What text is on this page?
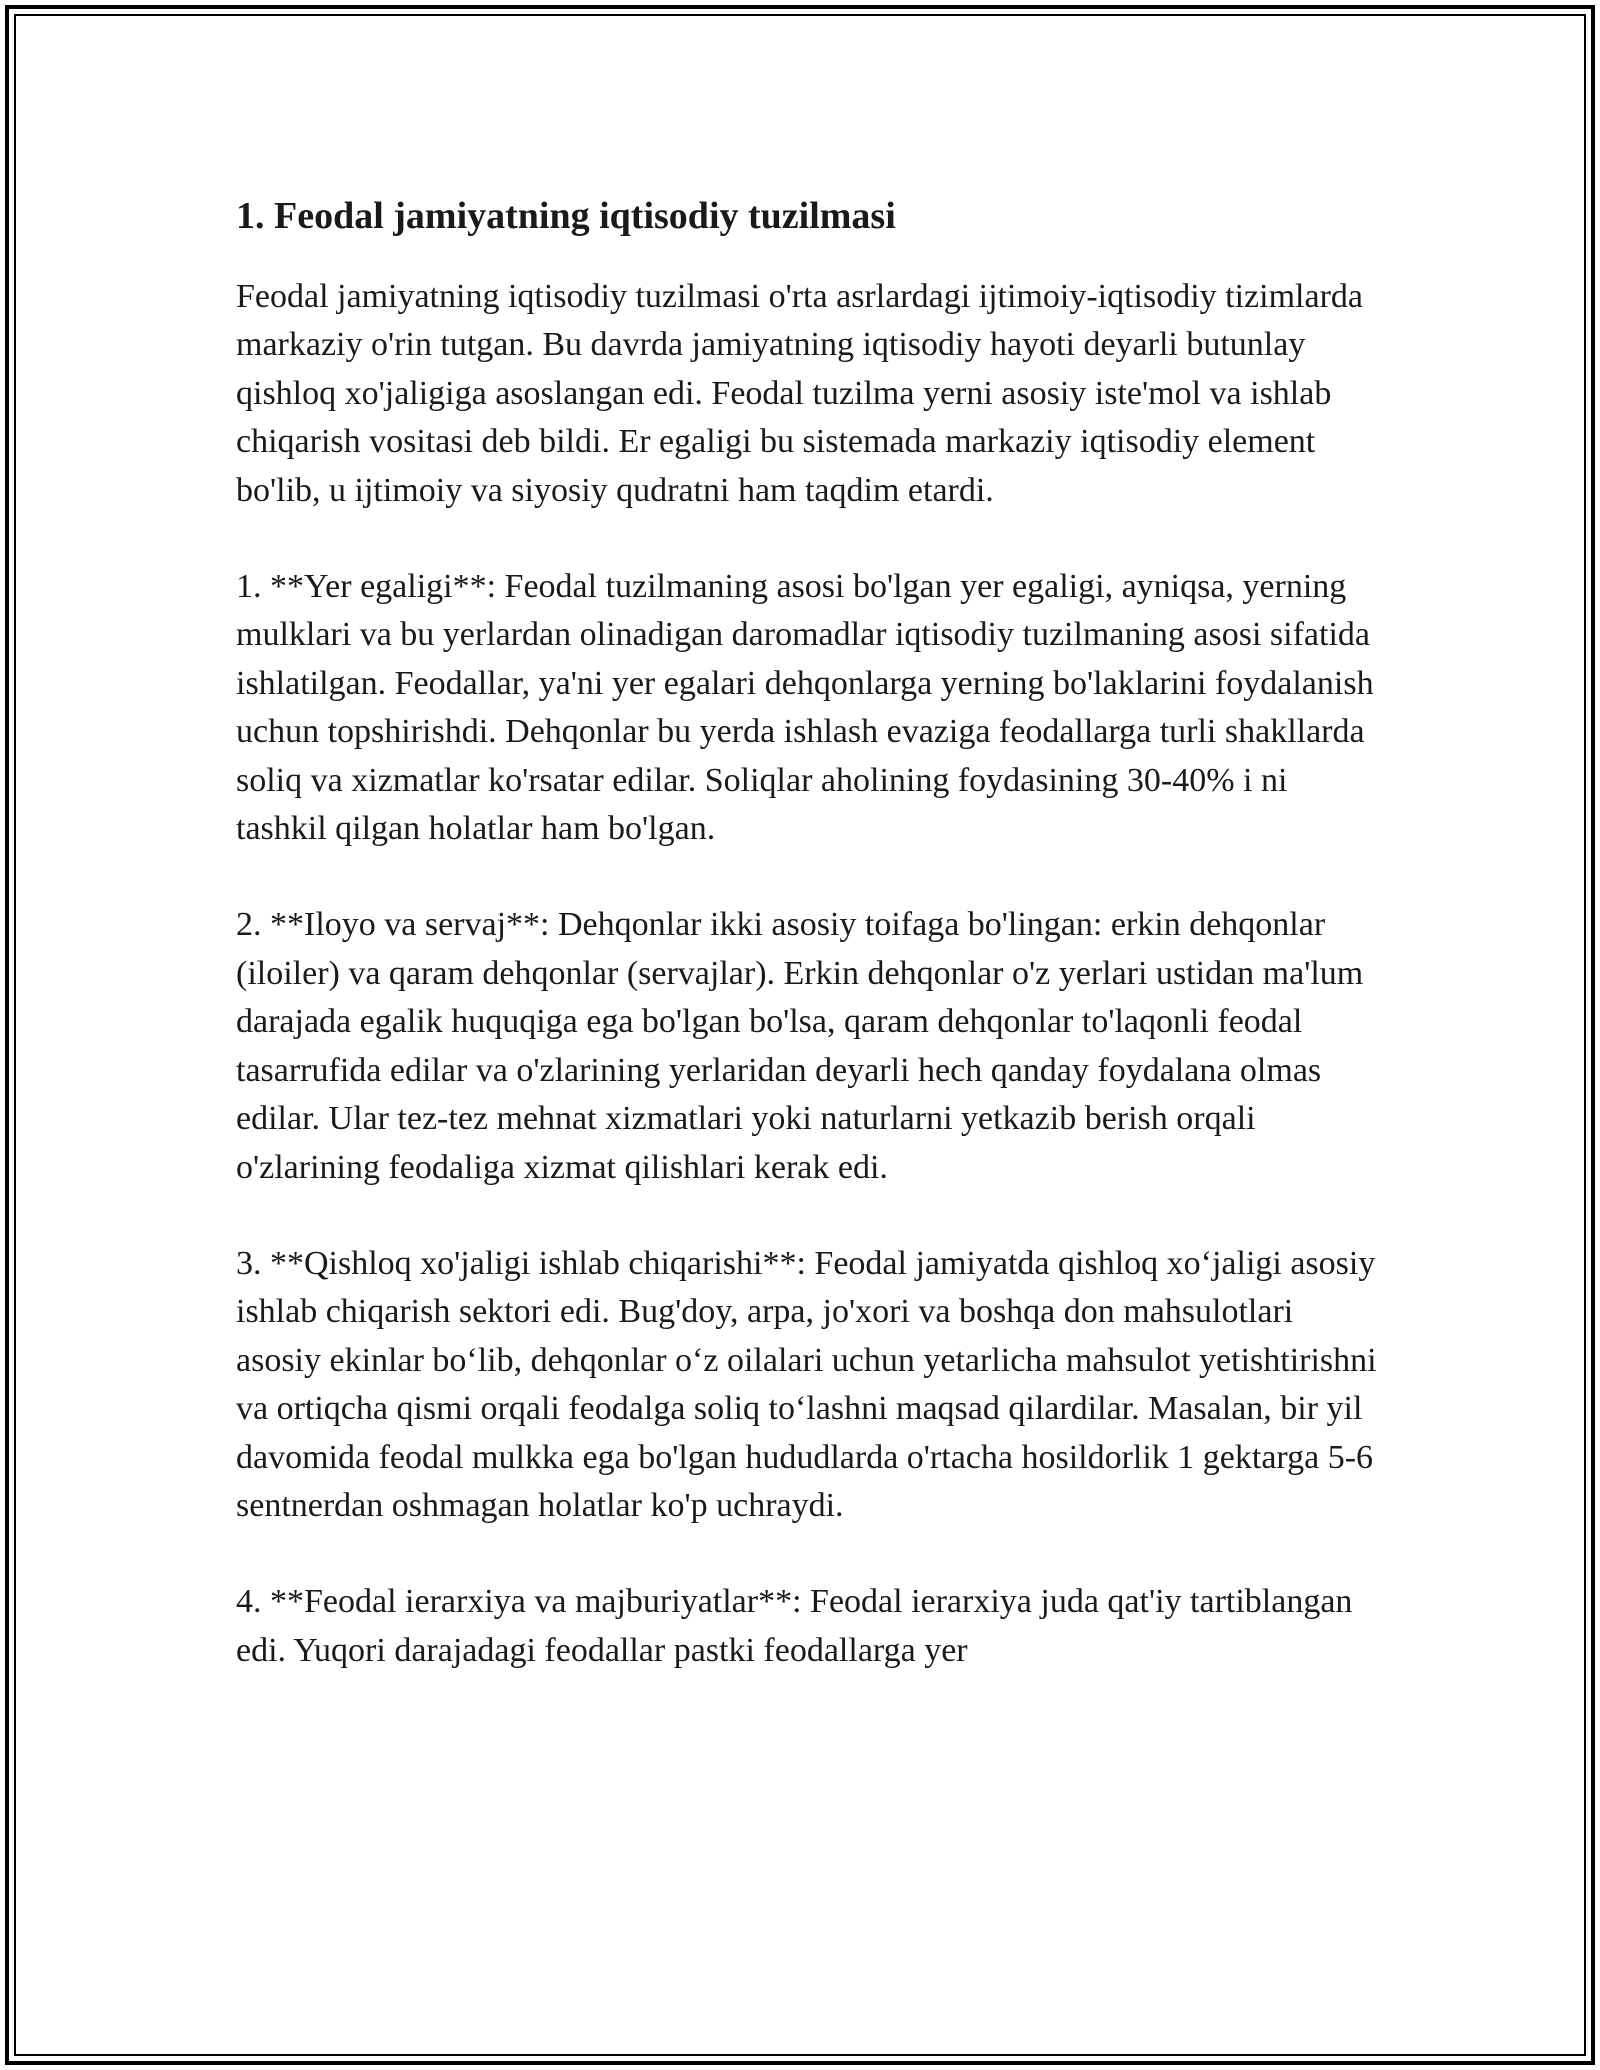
1. Feodal jamiyatning iqtisodiy tuzilmasi

Feodal jamiyatning iqtisodiy tuzilmasi o'rta asrlardagi ijtimoiy-iqtisodiy tizimlarda markaziy o'rin tutgan. Bu davrda jamiyatning iqtisodiy hayoti deyarli butunlay qishloq xo'jaligiga asoslangan edi. Feodal tuzilma yerni asosiy iste'mol va ishlab chiqarish vositasi deb bildi. Er egaligi bu sistemada markaziy iqtisodiy element bo'lib, u ijtimoiy va siyosiy qudratni ham taqdim etardi.

1. **Yer egaligi**: Feodal tuzilmaning asosi bo'lgan yer egaligi, ayniqsa, yerning mulklari va bu yerlardan olinadigan daromadlar iqtisodiy tuzilmaning asosi sifatida ishlatilgan. Feodallar, ya'ni yer egalari dehqonlarga yerning bo'laklarini foydalanish uchun topshirishdi. Dehqonlar bu yerda ishlash evaziga feodallarga turli shakllarda soliq va xizmatlar ko'rsatar edilar. Soliqlar aholining foydasining 30-40% i ni tashkil qilgan holatlar ham bo'lgan.

2. **Iloyo va servaj**: Dehqonlar ikki asosiy toifaga bo'lingan: erkin dehqonlar (iloiler) va qaram dehqonlar (servajlar). Erkin dehqonlar o'z yerlari ustidan ma'lum darajada egalik huquqiga ega bo'lgan bo'lsa, qaram dehqonlar to'laqonli feodal tasarrufida edilar va o'zlarining yerlaridan deyarli hech qanday foydalana olmas edilar. Ular tez-tez mehnat xizmatlari yoki naturlarni yetkazib berish orqali o'zlarining feodaliga xizmat qilishlari kerak edi.

3. **Qishloq xo'jaligi ishlab chiqarishi**: Feodal jamiyatda qishloq xo‘jaligi asosiy ishlab chiqarish sektori edi. Bug'doy, arpa, jo'xori va boshqa don mahsulotlari asosiy ekinlar bo‘lib, dehqonlar o‘z oilalari uchun yetarlicha mahsulot yetishtirishni va ortiqcha qismi orqali feodalga soliq to‘lashni maqsad qilardilar. Masalan, bir yil davomida feodal mulkka ega bo'lgan hududlarda o'rtacha hosildorlik 1 gektarga 5-6 sentnerdan oshmagan holatlar ko'p uchraydi.

4. **Feodal ierarxiya va majburiyatlar**: Feodal ierarxiya juda qat'iy tartiblangan edi. Yuqori darajadagi feodallar pastki feodallarga yer
